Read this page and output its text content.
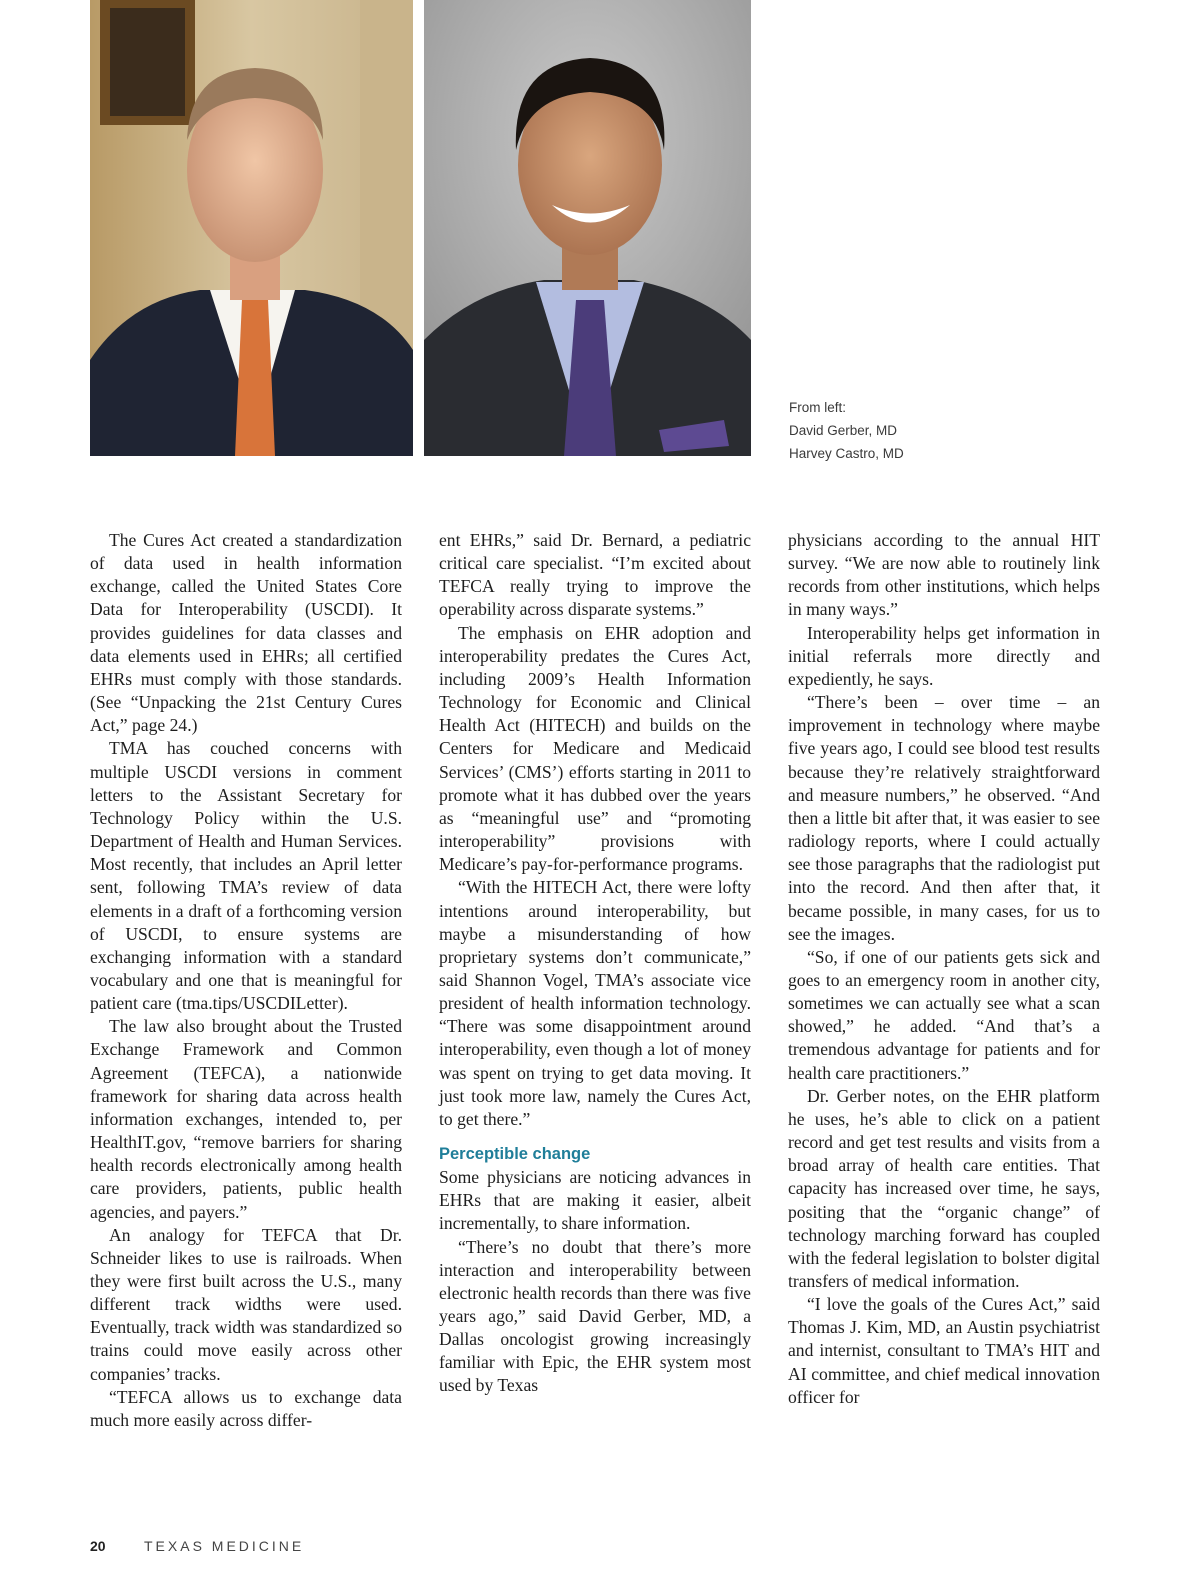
From left:
David Gerber, MD
Harvey Castro, MD

The Cures Act created a standardization of data used in health information exchange, called the United States Core Data for Interoperability (USCDI). It provides guidelines for data classes and data elements used in EHRs; all certified EHRs must comply with those standards. (See “Unpacking the 21st Century Cures Act,” page 24.)

TMA has couched concerns with multiple USCDI versions in comment letters to the Assistant Secretary for Technology Policy within the U.S. Department of Health and Human Services. Most recently, that includes an April letter sent, following TMA’s review of data elements in a draft of a forthcoming version of USCDI, to ensure systems are exchanging information with a standard vocabulary and one that is meaningful for patient care (tma.tips/USCDILetter).

The law also brought about the Trusted Exchange Framework and Common Agreement (TEFCA), a nationwide framework for sharing data across health information exchanges, intended to, per HealthIT.gov, “remove barriers for sharing health records electronically among health care providers, patients, public health agencies, and payers.”

An analogy for TEFCA that Dr. Schneider likes to use is railroads. When they were first built across the U.S., many different track widths were used. Eventually, track width was standardized so trains could move easily across other companies’ tracks.

“TEFCA allows us to exchange data much more easily across differ-

ent EHRs,” said Dr. Bernard, a pediatric critical care specialist. “I’m excited about TEFCA really trying to improve the operability across disparate systems.”

The emphasis on EHR adoption and interoperability predates the Cures Act, including 2009’s Health Information Technology for Economic and Clinical Health Act (HITECH) and builds on the Centers for Medicare and Medicaid Services’ (CMS’) efforts starting in 2011 to promote what it has dubbed over the years as “meaningful use” and “promoting interoperability” provisions with Medicare’s pay-for-performance programs.

“With the HITECH Act, there were lofty intentions around interoperability, but maybe a misunderstanding of how proprietary systems don’t communicate,” said Shannon Vogel, TMA’s associate vice president of health information technology. “There was some disappointment around interoperability, even though a lot of money was spent on trying to get data moving. It just took more law, namely the Cures Act, to get there.”

Perceptible change

Some physicians are noticing advances in EHRs that are making it easier, albeit incrementally, to share information.

“There’s no doubt that there’s more interaction and interoperability between electronic health records than there was five years ago,” said David Gerber, MD, a Dallas oncologist growing increasingly familiar with Epic, the EHR system most used by Texas

physicians according to the annual HIT survey. “We are now able to routinely link records from other institutions, which helps in many ways.”

Interoperability helps get information in initial referrals more directly and expediently, he says.

“There’s been – over time – an improvement in technology where maybe five years ago, I could see blood test results because they’re relatively straightforward and measure numbers,” he observed. “And then a little bit after that, it was easier to see radiology reports, where I could actually see those paragraphs that the radiologist put into the record. And then after that, it became possible, in many cases, for us to see the images.

“So, if one of our patients gets sick and goes to an emergency room in another city, sometimes we can actually see what a scan showed,” he added. “And that’s a tremendous advantage for patients and for health care practitioners.”

Dr. Gerber notes, on the EHR platform he uses, he’s able to click on a patient record and get test results and visits from a broad array of health care entities. That capacity has increased over time, he says, positing that the “organic change” of technology marching forward has coupled with the federal legislation to bolster digital transfers of medical information.

“I love the goals of the Cures Act,” said Thomas J. Kim, MD, an Austin psychiatrist and internist, consultant to TMA’s HIT and AI committee, and chief medical innovation officer for

20	TEXAS MEDICINE
